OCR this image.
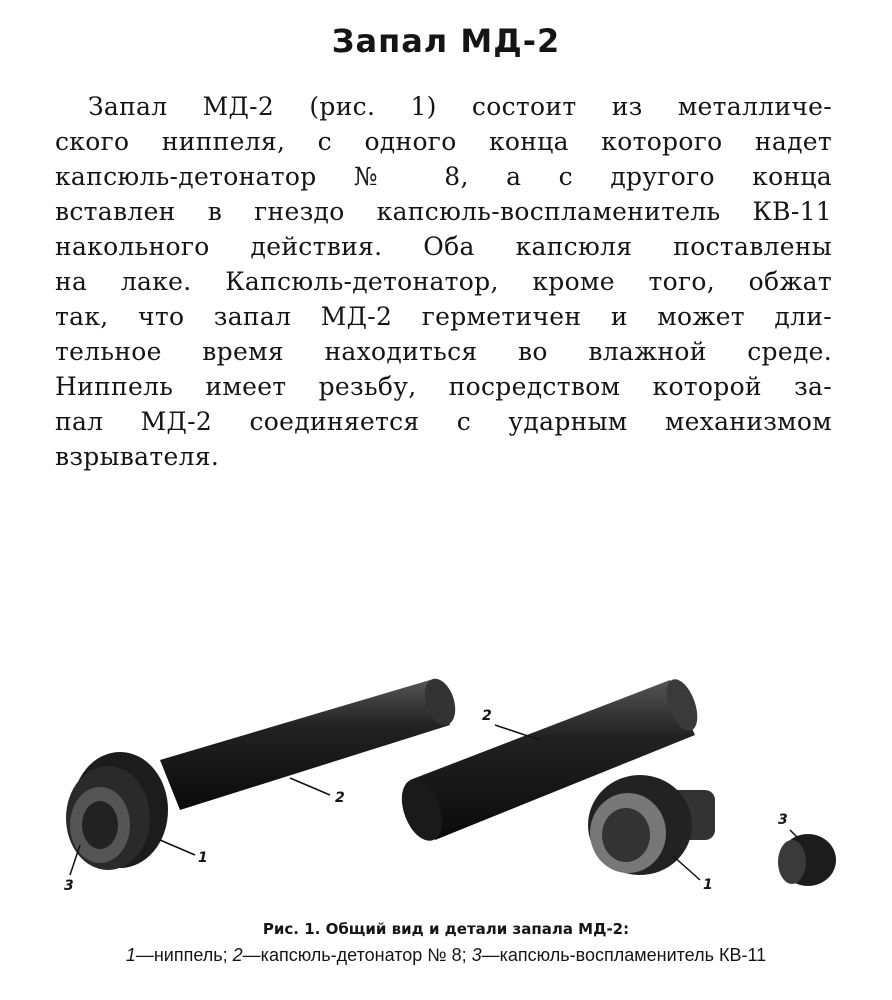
Запал МД-2
Запал МД-2 (рис. 1) состоит из металличе-
ского ниппеля, с одного конца которого надет
капсюль-детонатор № 8, а с другого конца
вставлен в гнездо капсюль-воспламенитель КВ-11
накольного действия. Оба капсюля поставлены
на лаке. Капсюль-детонатор, кроме того, обжат
так, что запал МД-2 герметичен и может дли-
тельное время находиться во влажной среде.
Ниппель имеет резьбу, посредством которой за-
пал МД-2 соединяется с ударным механизмом
взрывателя.
2
1
3
2
1
3
Рис. 1. Общий вид и детали запала МД-2:
1—ниппель; 2—капсюль-детонатор № 8; 3—капсюль-воспламенитель КВ-11
